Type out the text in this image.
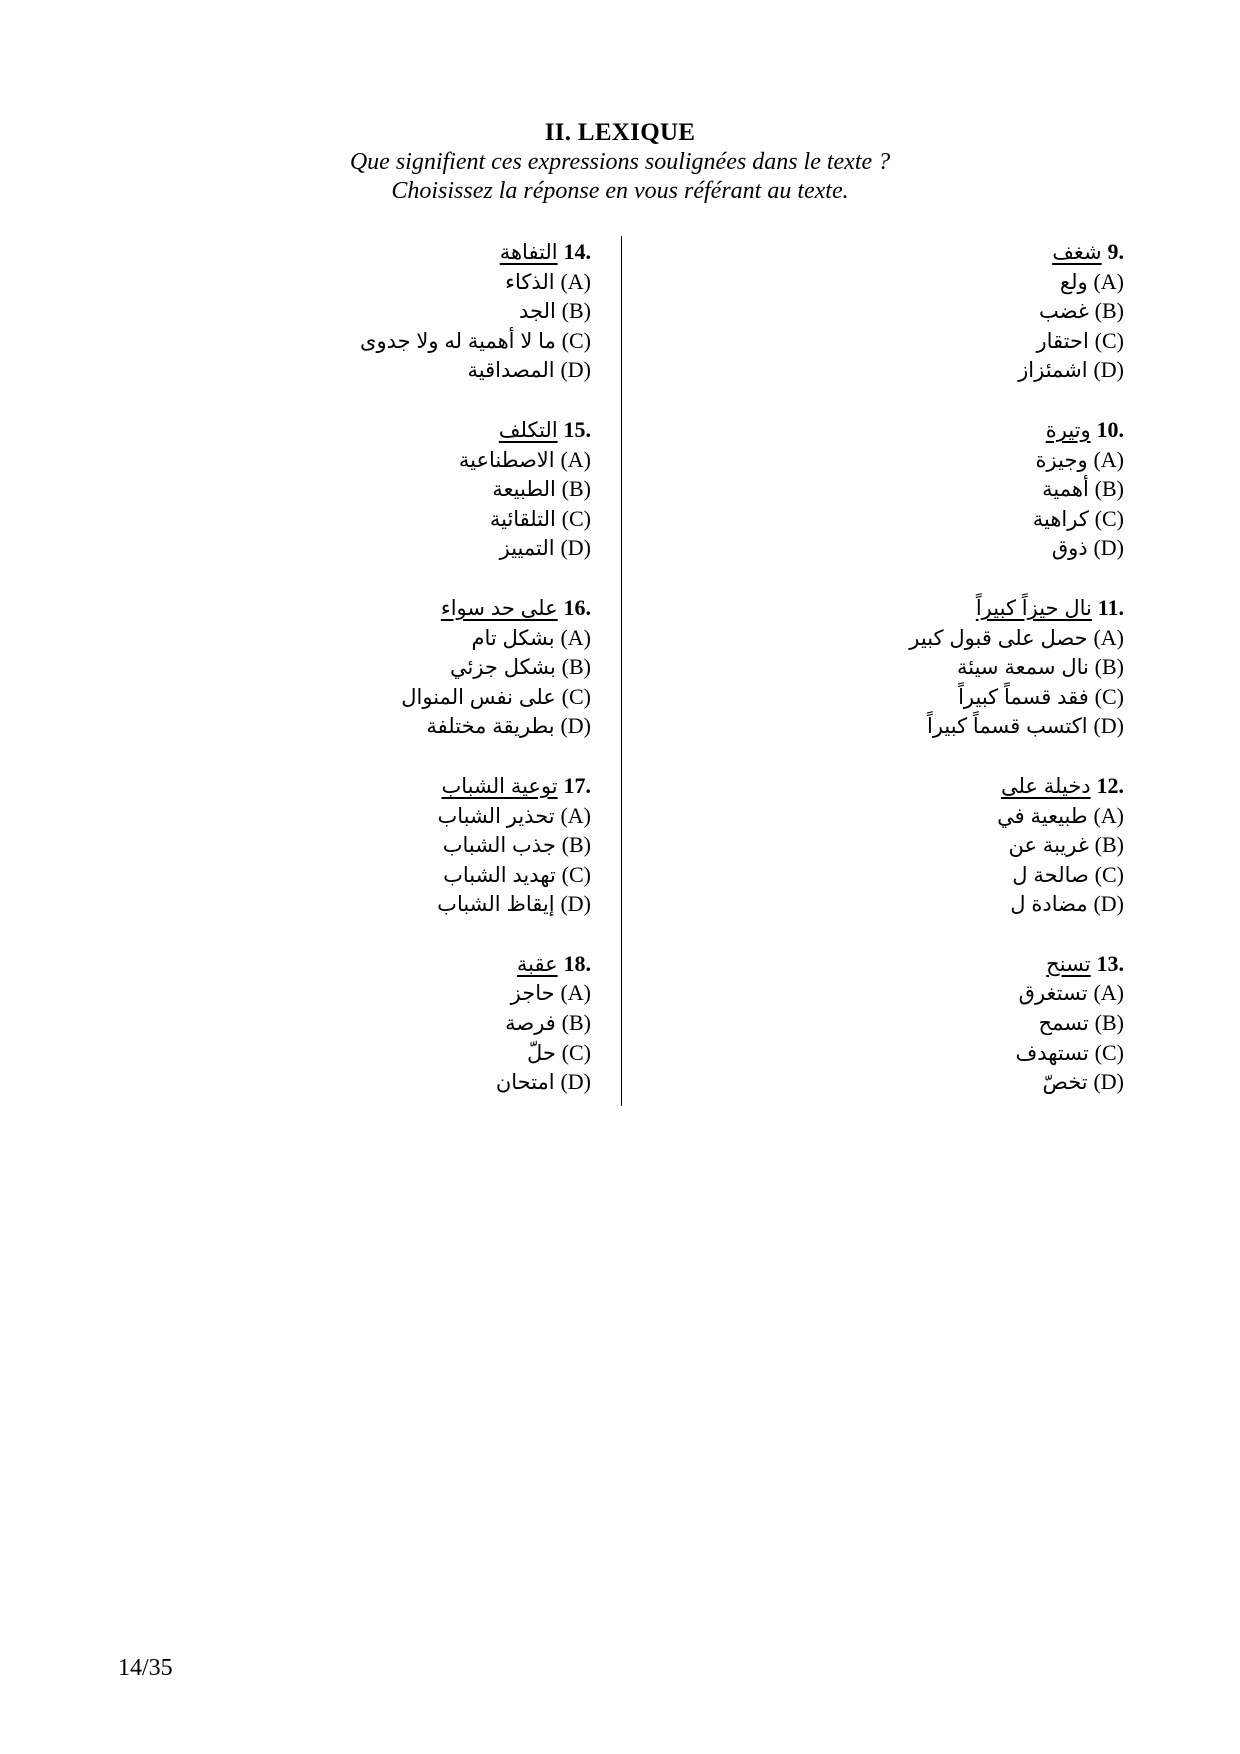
II. LEXIQUE

Que signifient ces expressions soulignées dans le texte ?

Choisissez la réponse en vous référant au texte.

9. شغف
(A) ولع
(B) غضب
(C) احتقار
(D) اشمئزاز
10. وتيرة
(A) وجيزة
(B) أهمية
(C) كراهية
(D) ذوق
11. نال حيزاً كبيراً
(A) حصل على قبول كبير
(B) نال سمعة سيئة
(C) فقد قسماً كبيراً
(D) اكتسب قسماً كبيراً
12. دخيلة على
(A) طبيعية في
(B) غريبة عن
(C) صالحة ل
(D) مضادة ل
13. تسنح
(A) تستغرق
(B) تسمح
(C) تستهدف
(D) تخصّ
14. التفاهة
(A) الذكاء
(B) الجد
(C) ما لا أهمية له ولا جدوى
(D) المصداقية
15. التكلف
(A) الاصطناعية
(B) الطبيعة
(C) التلقائية
(D) التمييز
16. على حد سواء
(A) بشكل تام
(B) بشكل جزئي
(C) على نفس المنوال
(D) بطريقة مختلفة
17. توعية الشباب
(A) تحذير الشباب
(B) جذب الشباب
(C) تهديد الشباب
(D) إيقاظ الشباب
18. عقبة
(A) حاجز
(B) فرصة
(C) حلّ
(D) امتحان
14/35
